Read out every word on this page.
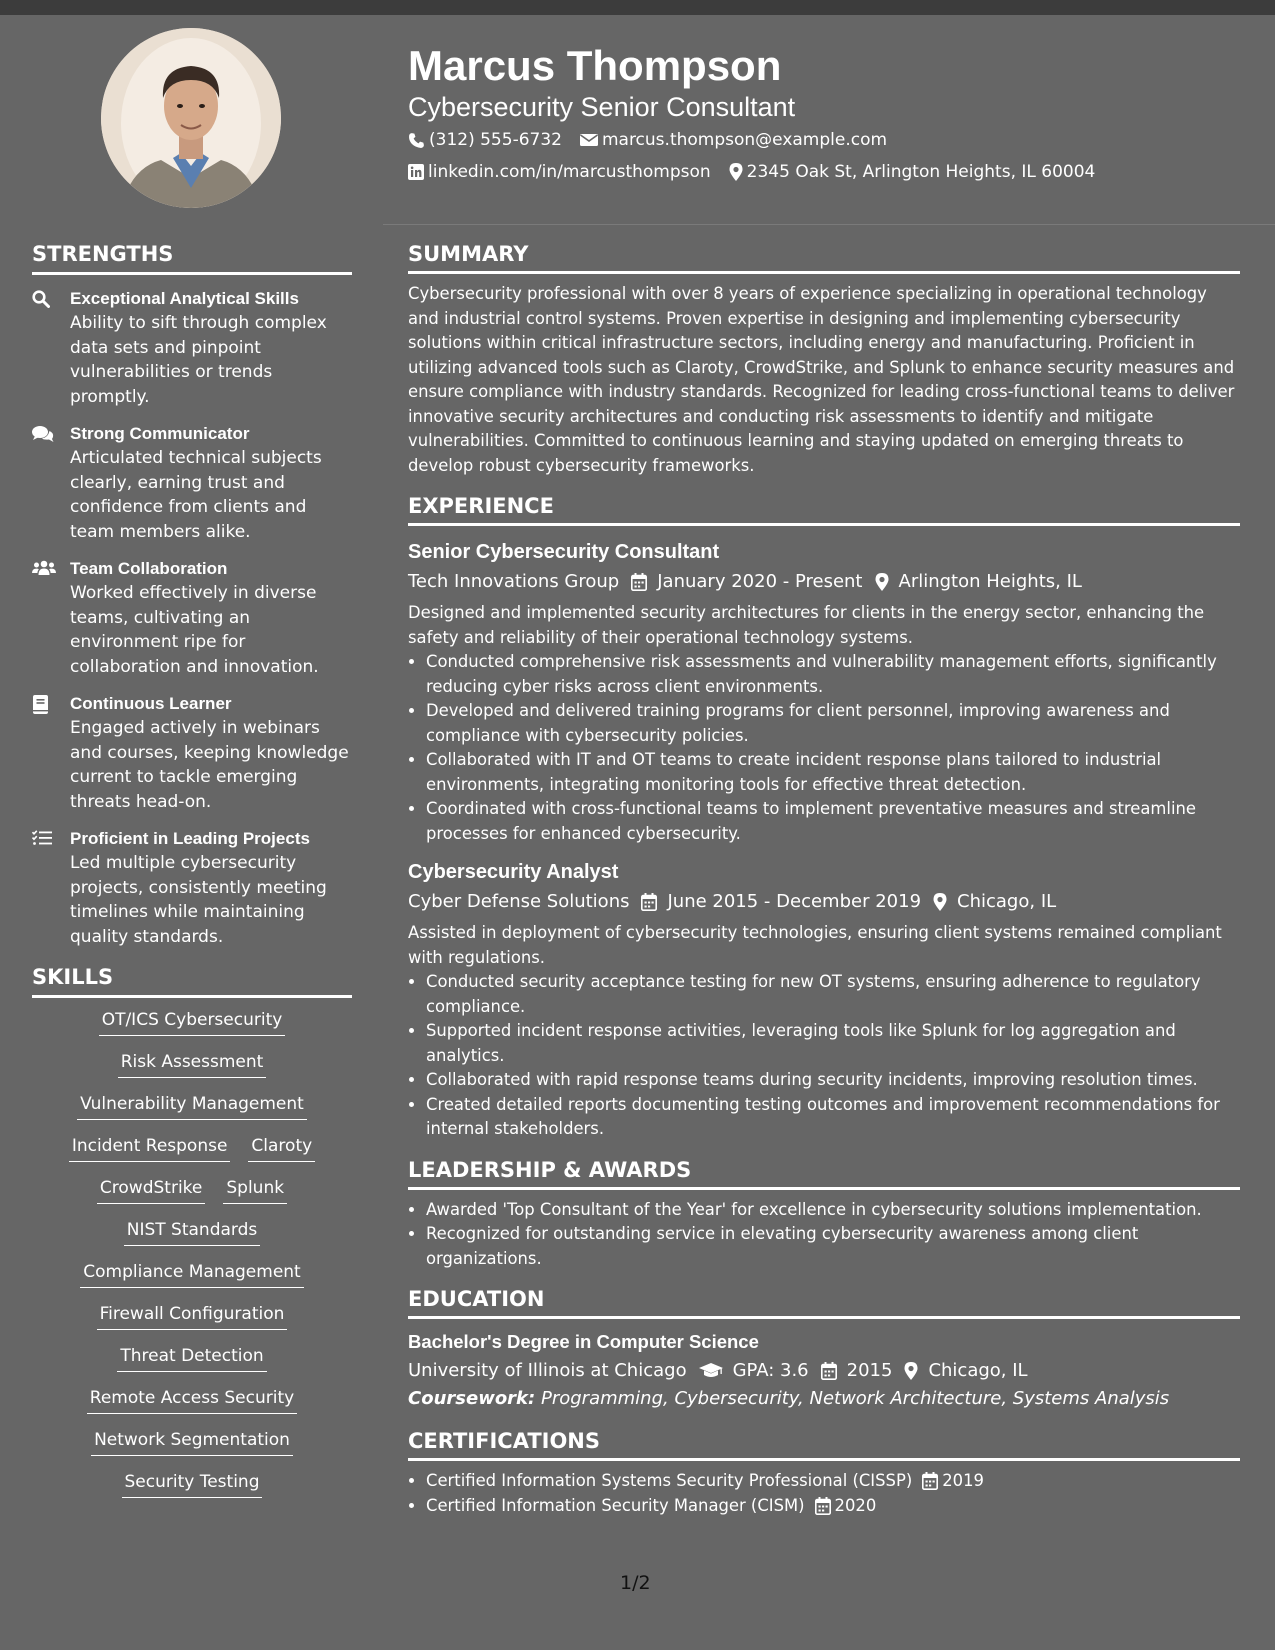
Marcus Thompson
Cybersecurity Senior Consultant
(312) 555-6732 marcus.thompson@example.com
linkedin.com/in/marcusthompson 2345 Oak St, Arlington Heights, IL 60004
STRENGTHS
Exceptional Analytical Skills
Ability to sift through complex data sets and pinpoint vulnerabilities or trends promptly.
Strong Communicator
Articulated technical subjects clearly, earning trust and confidence from clients and team members alike.
Team Collaboration
Worked effectively in diverse teams, cultivating an environment ripe for collaboration and innovation.
Continuous Learner
Engaged actively in webinars and courses, keeping knowledge current to tackle emerging threats head-on.
Proficient in Leading Projects
Led multiple cybersecurity projects, consistently meeting timelines while maintaining quality standards.
SKILLS
OT/ICS Cybersecurity
Risk Assessment
Vulnerability Management
Incident Response Claroty
CrowdStrike Splunk
NIST Standards
Compliance Management
Firewall Configuration
Threat Detection
Remote Access Security
Network Segmentation
Security Testing
SUMMARY

Cybersecurity professional with over 8 years of experience specializing in operational technology and industrial control systems. Proven expertise in designing and implementing cybersecurity solutions within critical infrastructure sectors, including energy and manufacturing. Proficient in utilizing advanced tools such as Claroty, CrowdStrike, and Splunk to enhance security measures and ensure compliance with industry standards. Recognized for leading cross-functional teams to deliver innovative security architectures and conducting risk assessments to identify and mitigate vulnerabilities. Committed to continuous learning and staying updated on emerging threats to develop robust cybersecurity frameworks.

EXPERIENCE
Senior Cybersecurity Consultant
Tech Innovations Group January 2020 - Present Arlington Heights, IL

Designed and implemented security architectures for clients in the energy sector, enhancing the safety and reliability of their operational technology systems.

• Conducted comprehensive risk assessments and vulnerability management efforts, significantly reducing cyber risks across client environments.
• Developed and delivered training programs for client personnel, improving awareness and compliance with cybersecurity policies.
• Collaborated with IT and OT teams to create incident response plans tailored to industrial environments, integrating monitoring tools for effective threat detection.
• Coordinated with cross-functional teams to implement preventative measures and streamline processes for enhanced cybersecurity.
Cybersecurity Analyst
Cyber Defense Solutions June 2015 - December 2019 Chicago, IL

Assisted in deployment of cybersecurity technologies, ensuring client systems remained compliant with regulations.

• Conducted security acceptance testing for new OT systems, ensuring adherence to regulatory compliance.
• Supported incident response activities, leveraging tools like Splunk for log aggregation and analytics.
• Collaborated with rapid response teams during security incidents, improving resolution times.
• Created detailed reports documenting testing outcomes and improvement recommendations for internal stakeholders.
LEADERSHIP & AWARDS
• Awarded 'Top Consultant of the Year' for excellence in cybersecurity solutions implementation.
• Recognized for outstanding service in elevating cybersecurity awareness among client organizations.
EDUCATION
Bachelor's Degree in Computer Science
University of Illinois at Chicago	GPA: 3.6 2015 Chicago, IL
Coursework: Programming, Cybersecurity, Network Architecture, Systems Analysis
CERTIFICATIONS
• Certified Information Systems Security Professional (CISSP) 2019
• Certified Information Security Manager (CISM) 2020
1/2
